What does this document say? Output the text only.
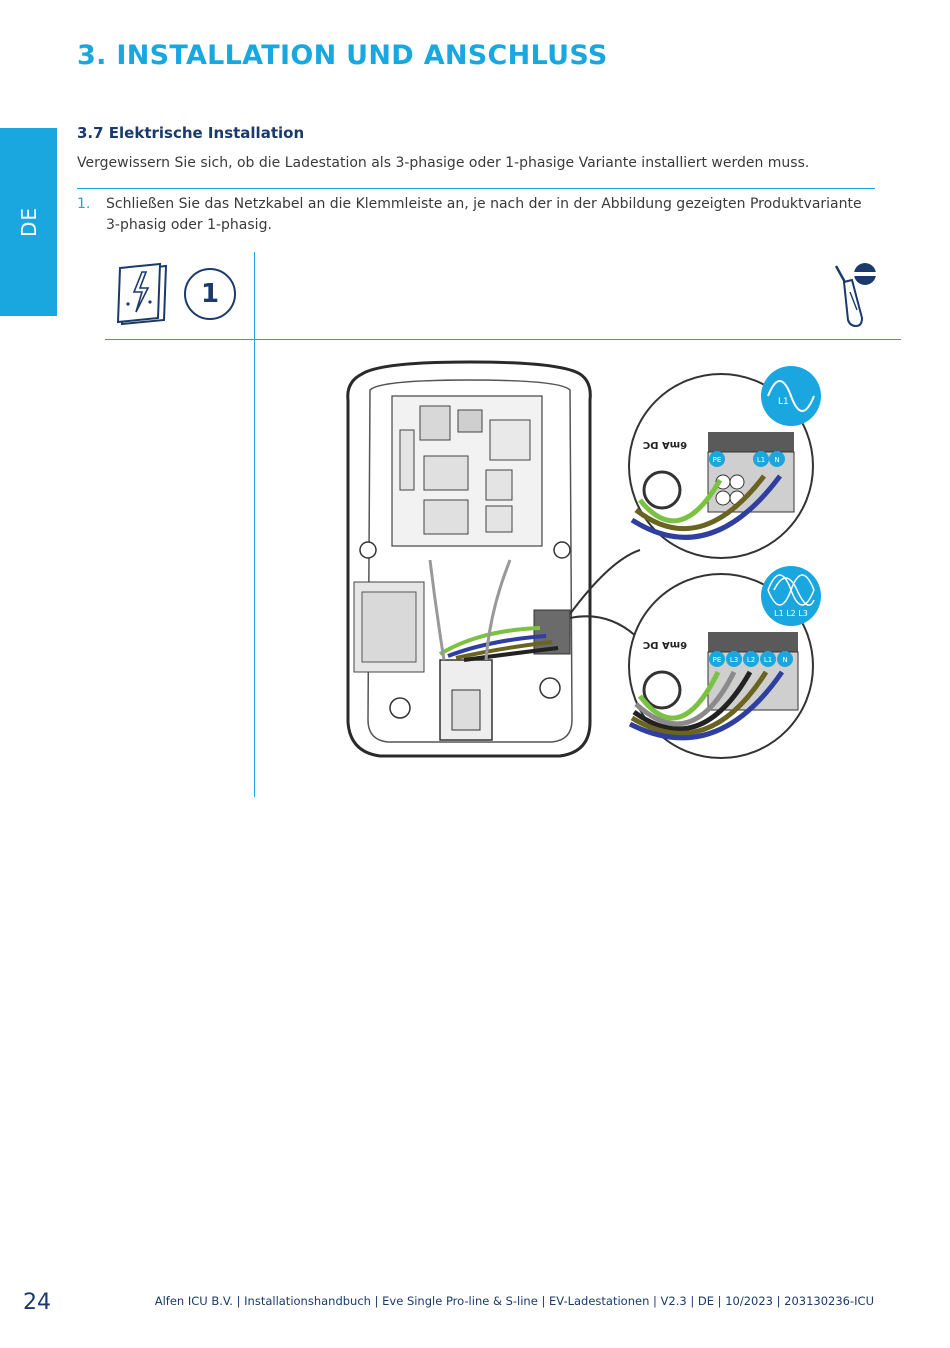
DE
3. INSTALLATION UND ANSCHLUSS
3.7 Elektrische Installation
Vergewissern Sie sich, ob die Ladestation als 3-phasige oder 1-phasige Variante installiert werden muss.
1. Schließen Sie das Netzkabel an die Klemmleiste an, je nach der in der Abbildung gezeigten Produktvariante 3-phasig oder 1-phasig.
1
PE	L1 N
6mA DC
L1
PE L3 L2 L1 N
6mA DC
L1 L2 L3
24	Alfen ICU B.V. | Installationshandbuch | Eve Single Pro-line & S-line | EV-Ladestationen | V2.3 | DE | 10/2023 | 203130236-ICU
